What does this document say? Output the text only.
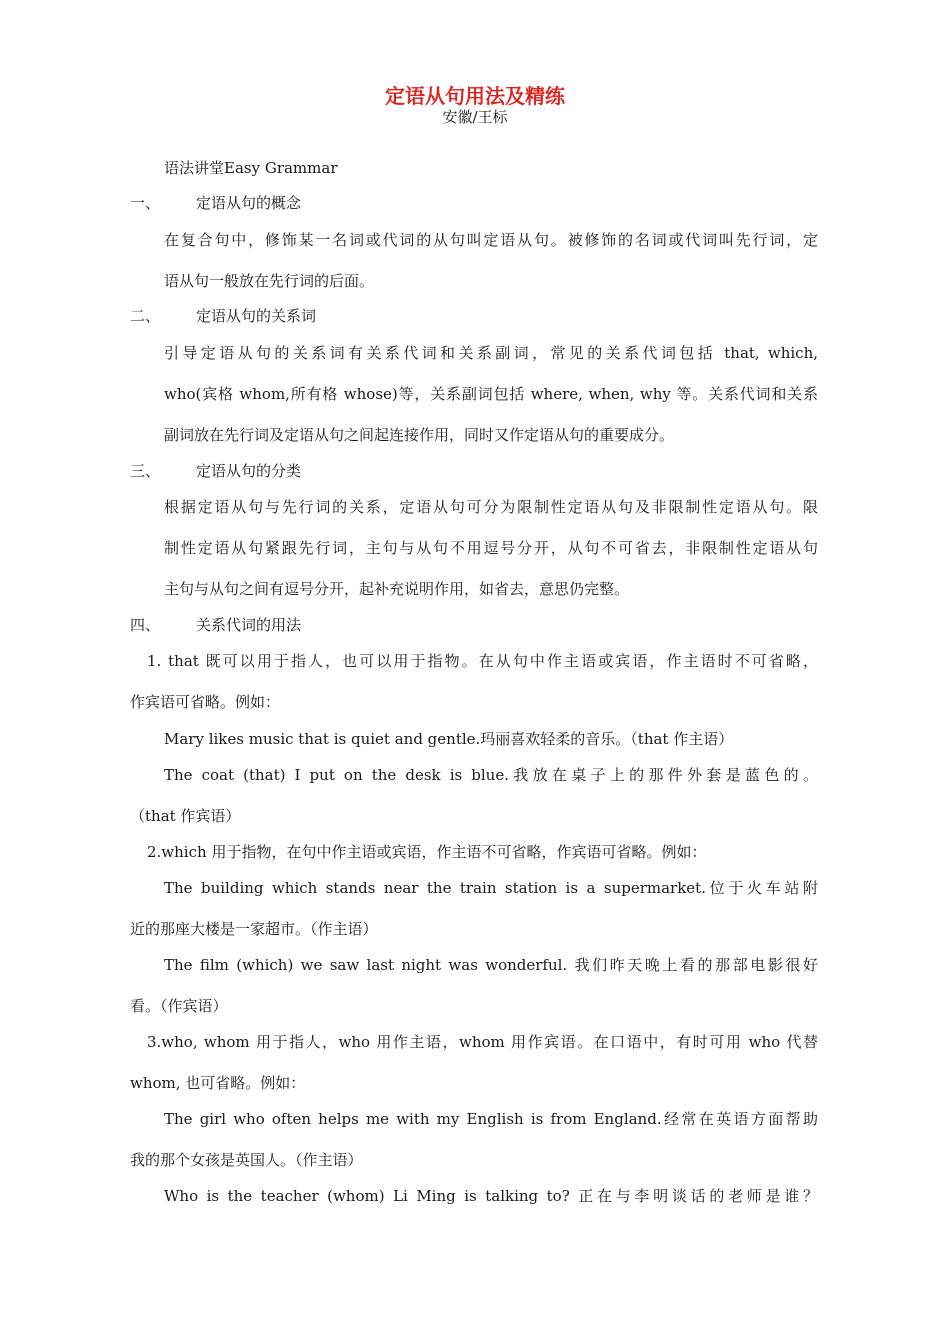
定语从句用法及精练
安徽/王标
语法讲堂Easy Grammar
一、 定语从句的概念
在复合句中，修饰某一名词或代词的从句叫定语从句。被修饰的名词或代词叫先行词，定
语从句一般放在先行词的后面。
二、 定语从句的关系词
引导定语从句的关系词有关系代词和关系副词，常见的关系代词包括 that, which,
who(宾格 whom,所有格 whose)等，关系副词包括 where, when, why 等。关系代词和关系
副词放在先行词及定语从句之间起连接作用，同时又作定语从句的重要成分。
三、 定语从句的分类
根据定语从句与先行词的关系，定语从句可分为限制性定语从句及非限制性定语从句。限
制性定语从句紧跟先行词，主句与从句不用逗号分开，从句不可省去，非限制性定语从句
主句与从句之间有逗号分开，起补充说明作用，如省去，意思仍完整。
四、 关系代词的用法
1. that 既可以用于指人，也可以用于指物。在从句中作主语或宾语，作主语时不可省略，
作宾语可省略。例如：
Mary likes music that is quiet and gentle.玛丽喜欢轻柔的音乐。（that 作主语）
The coat (that) I put on the desk is blue.我放在桌子上的那件外套是蓝色的。
（that 作宾语）
2.which 用于指物，在句中作主语或宾语，作主语不可省略，作宾语可省略。例如：
The building which stands near the train station is a supermarket.位于火车站附
近的那座大楼是一家超市。（作主语）
The film (which) we saw last night was wonderful. 我们昨天晚上看的那部电影很好
看。（作宾语）
3.who, whom 用于指人，who 用作主语，whom 用作宾语。在口语中，有时可用 who 代替
whom, 也可省略。例如：
The girl who often helps me with my English is from England.经常在英语方面帮助
我的那个女孩是英国人。（作主语）
Who is the teacher (whom) Li Ming is talking to? 正在与李明谈话的老师是谁？
